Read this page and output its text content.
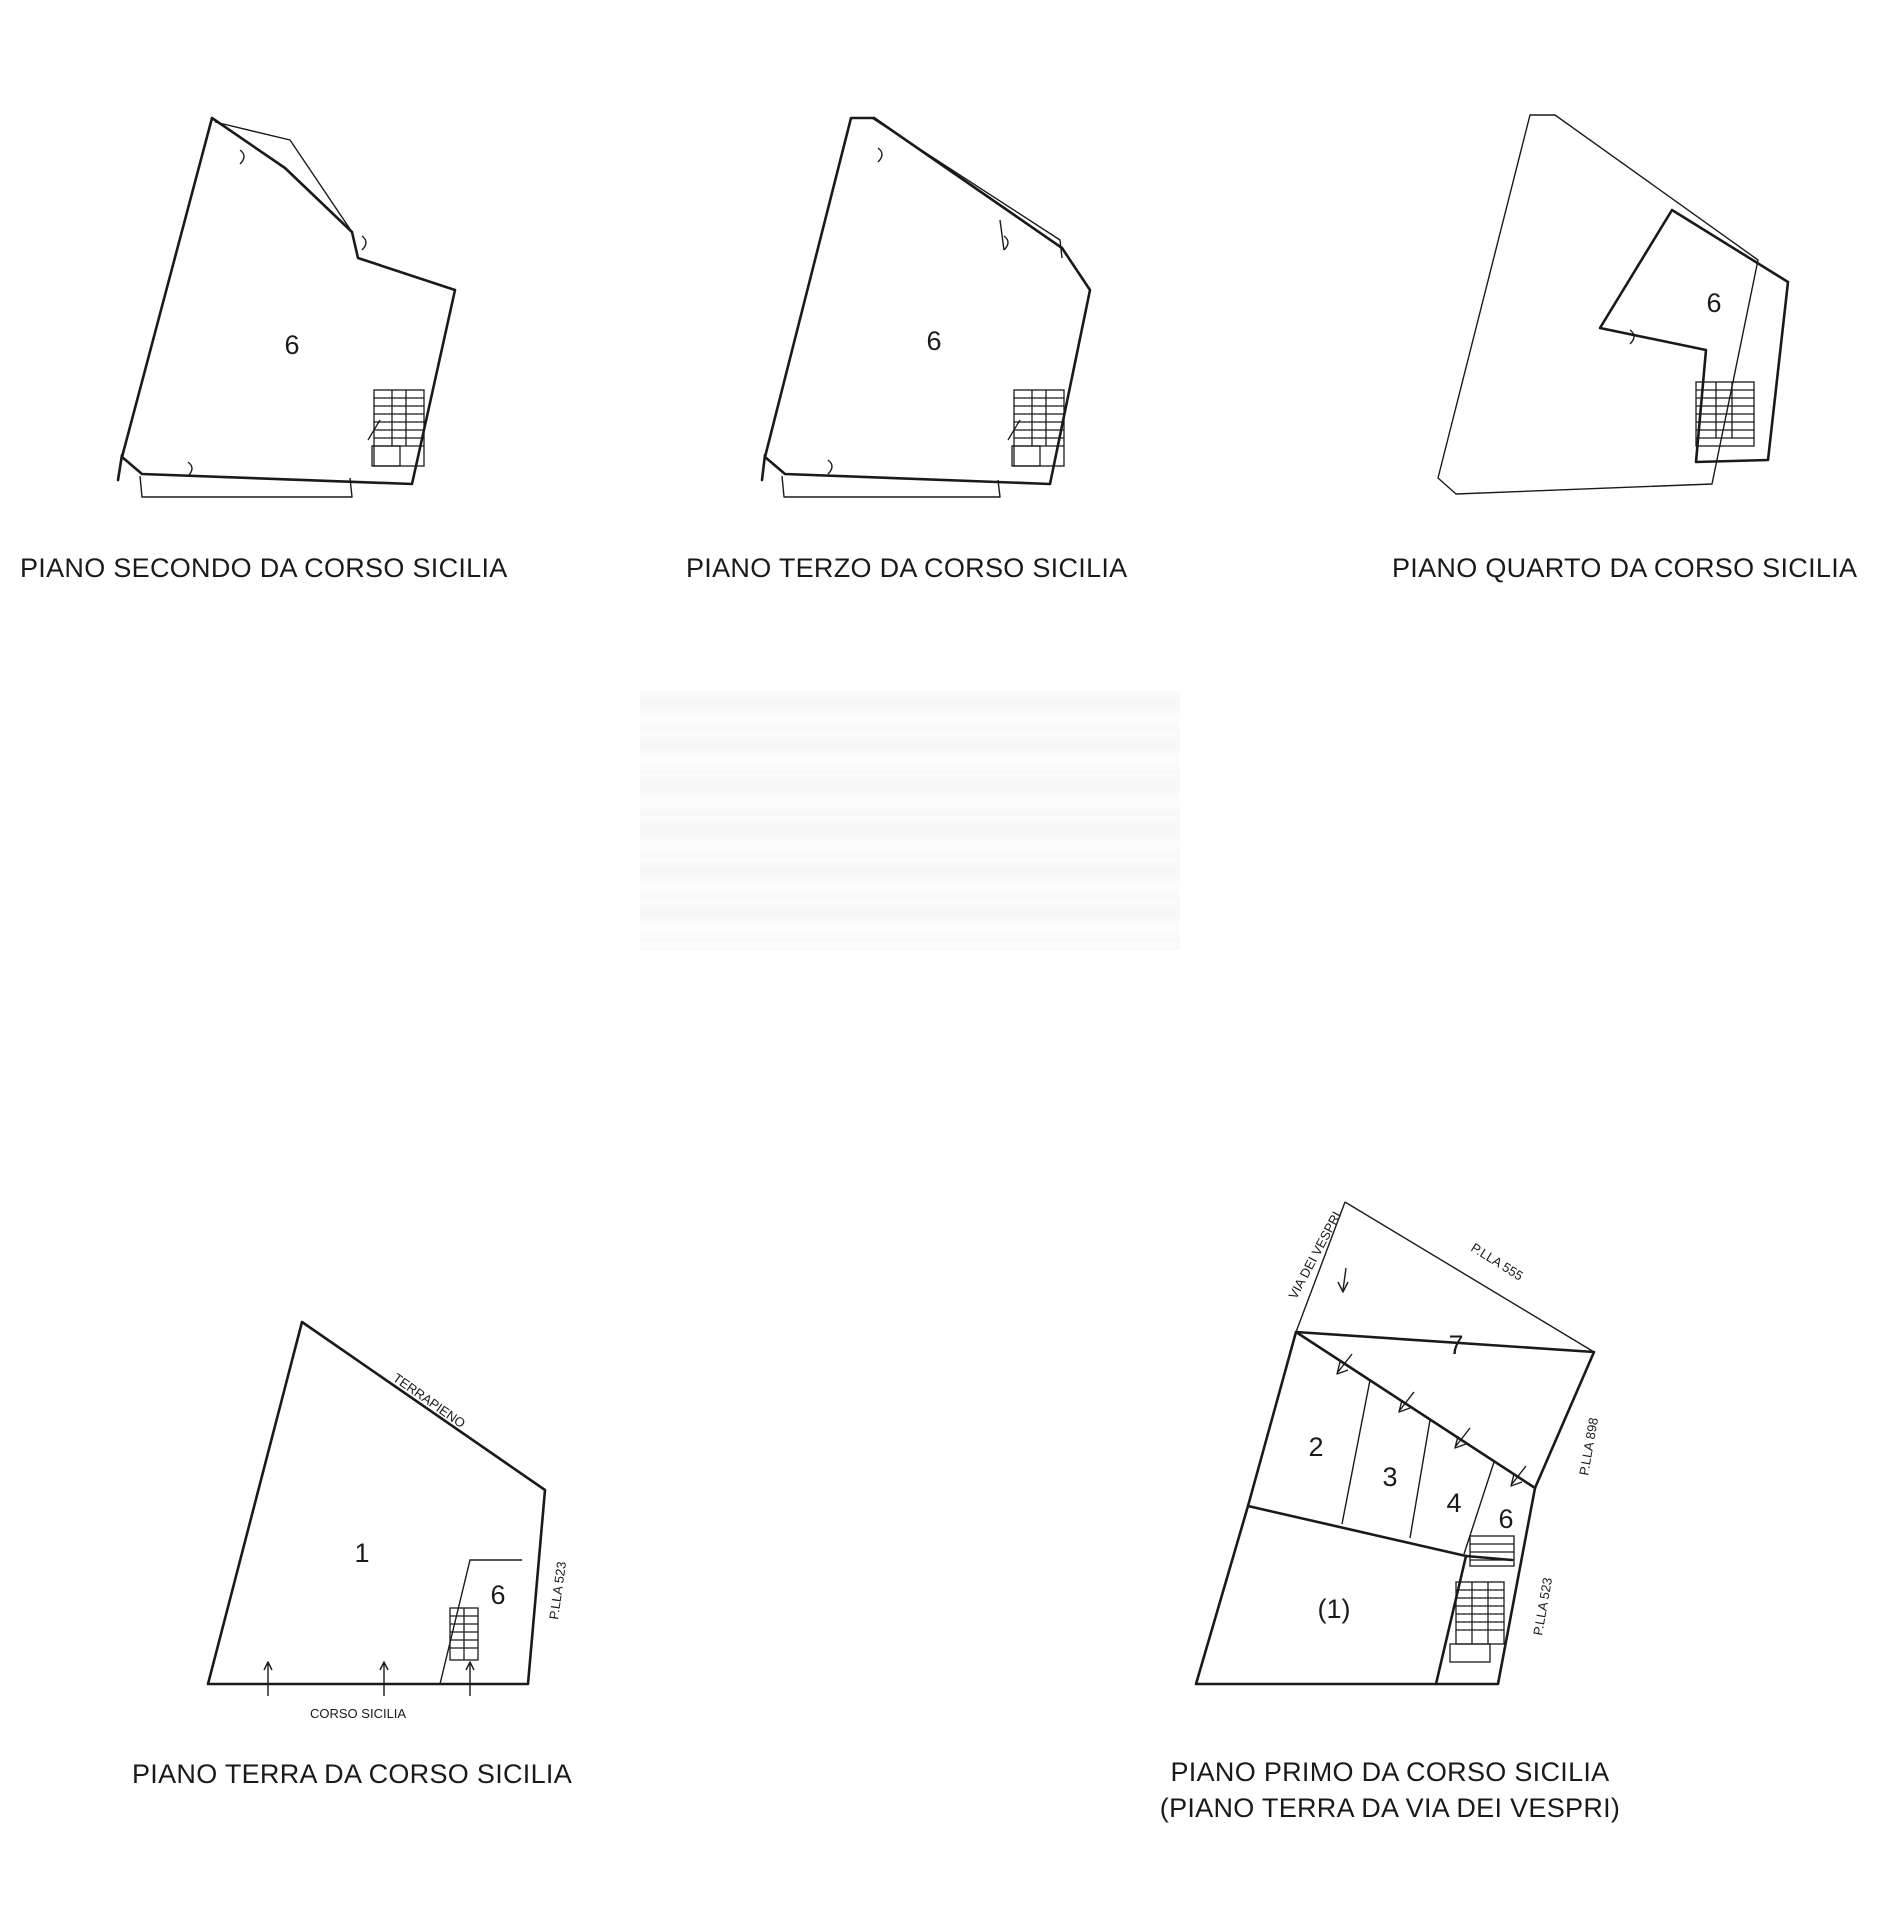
6	6
6
1
6
TERRAPIENO
CORSO SICILIA
P.LLA 523
7
2
3
4
6
(1)
VIA DEI VESPRI	P.LLA 555
P.LLA 898
P.LLA 523
PIANO SECONDO DA CORSO SICILIA	PIANO TERZO DA CORSO SICILIA	PIANO QUARTO DA CORSO SICILIA
PIANO TERRA DA CORSO SICILIA	PIANO PRIMO DA CORSO SICILIA
(PIANO TERRA DA VIA DEI VESPRI)
